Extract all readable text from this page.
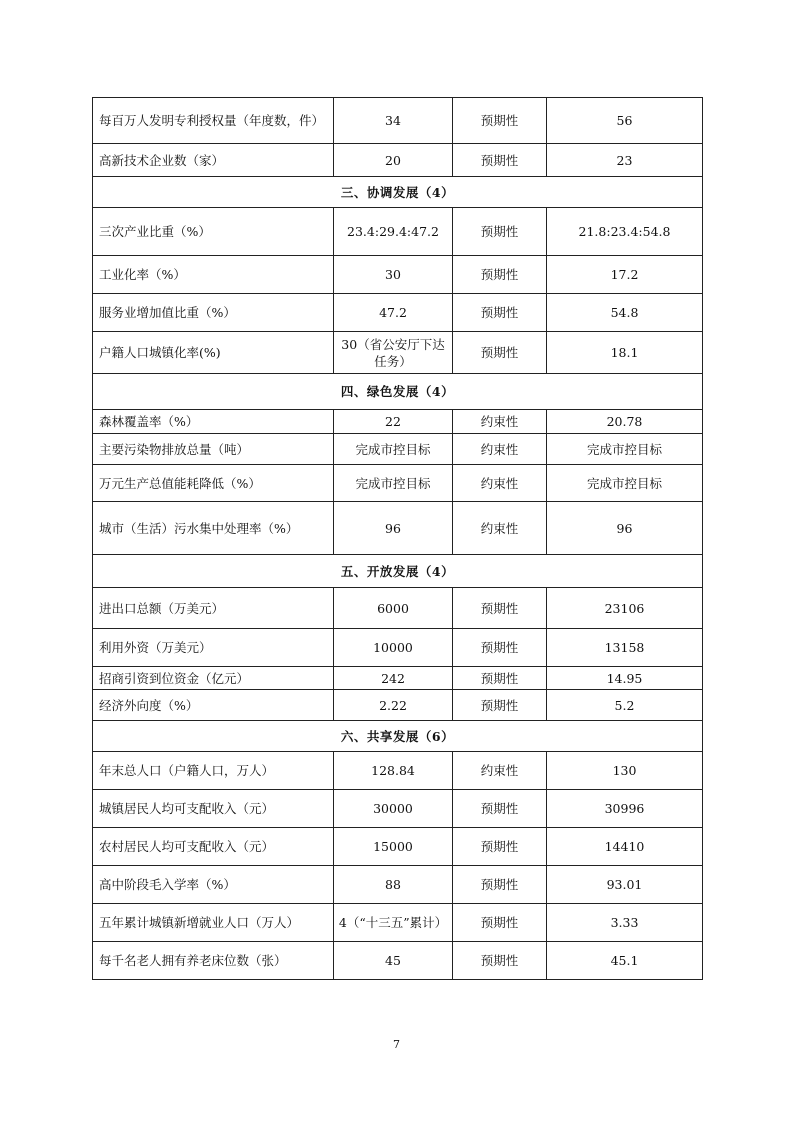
每百万人发明专利授权量（年度数，件）	34	预期性	56
高新技术企业数（家）	20	预期性	23
三、协调发展（4）			
三次产业比重（%）	23.4:29.4:47.2	预期性	21.8:23.4:54.8
工业化率（%）	30	预期性	17.2
服务业增加值比重（%）	47.2	预期性	54.8
户籍人口城镇化率(%)	30（省公安厅下达任务）	预期性	18.1
四、绿色发展（4）			
森林覆盖率（%）	22	约束性	20.78
主要污染物排放总量（吨）	完成市控目标	约束性	完成市控目标
万元生产总值能耗降低（%）	完成市控目标	约束性	完成市控目标
城市（生活）污水集中处理率（%）	96	约束性	96
五、开放发展（4）			
进出口总额（万美元）	6000	预期性	23106
利用外资（万美元）	10000	预期性	13158
招商引资到位资金（亿元）	242	预期性	14.95
经济外向度（%）	2.22	预期性	5.2
六、共享发展（6）			
年末总人口（户籍人口，万人）	128.84	约束性	130
城镇居民人均可支配收入（元）	30000	预期性	30996
农村居民人均可支配收入（元）	15000	预期性	14410
高中阶段毛入学率（%）	88	预期性	93.01
五年累计城镇新增就业人口（万人）	4（“十三五”累计）	预期性	3.33
每千名老人拥有养老床位数（张）	45	预期性	45.1
7
